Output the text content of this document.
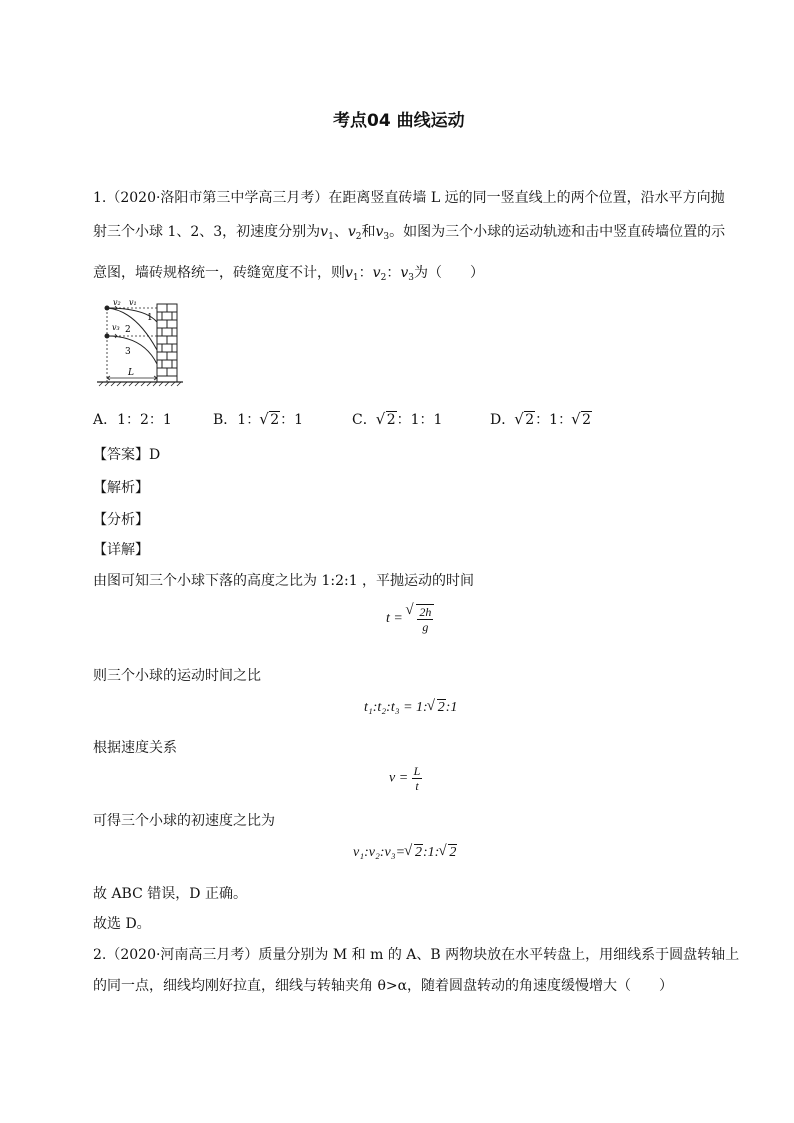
考点04 曲线运动
1.（2020·洛阳市第三中学高三月考）在距离竖直砖墙 L 远的同一竖直线上的两个位置，沿水平方向抛
射三个小球 1、2、3，初速度分别为$v_1$、$v_2$和$v_3$。如图为三个小球的运动轨迹和击中竖直砖墙位置的示
意图，墙砖规格统一，砖缝宽度不计，则$v_1$：$v_2$：$v_3$为（　　）
v₂ v₁
v₃
1
2
3
L
A．1：2：1	B．1： √ 2：1	C． √ 2：1：1	D． √ 2：1： √ 2
【答案】D
【解析】
【分析】
【详解】
由图可知三个小球下落的高度之比为 1:2:1 ，平抛运动的时间
t = √ $\frac{2h}{g}$
则三个小球的运动时间之比
t₁:t₂:t₃ = 1: √ 2:1
根据速度关系
$v = \frac{L}{t}$
可得三个小球的初速度之比为
v₁:v₂:v₃= √ 2:1: √ 2
故 ABC 错误，D 正确。
故选 D。
2.（2020·河南高三月考）质量分别为 M 和 m 的 A、B 两物块放在水平转盘上，用细线系于圆盘转轴上
的同一点，细线均刚好拉直，细线与转轴夹角 θ>α，随着圆盘转动的角速度缓慢增大（　　）
